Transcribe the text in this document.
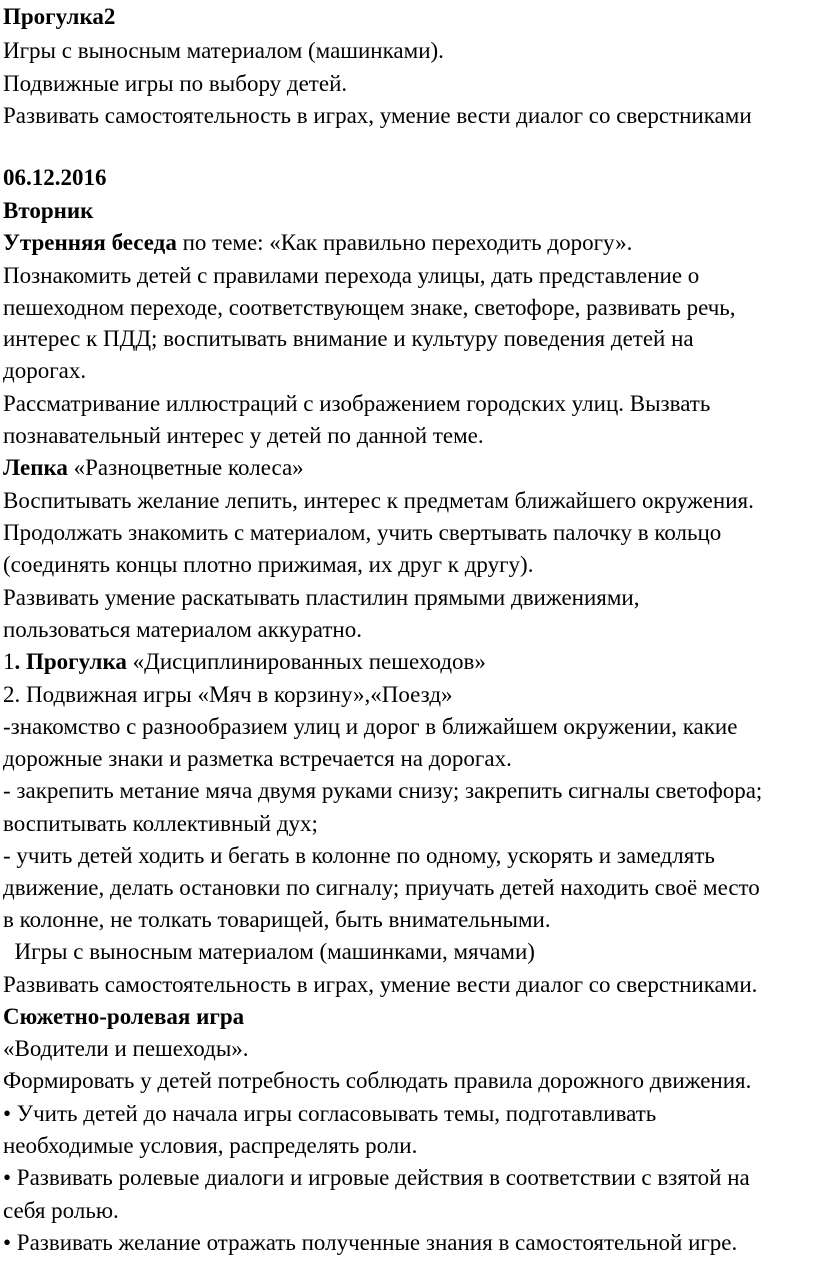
Прогулка2
Игры с выносным материалом (машинками).
Подвижные игры по выбору детей.
Развивать самостоятельность в играх, умение вести диалог со сверстниками
06.12.2016
Вторник
Утренняя беседа по теме: «Как правильно переходить дорогу».
Познакомить детей с правилами перехода улицы, дать представление о
пешеходном переходе, соответствующем знаке, светофоре, развивать речь,
интерес к ПДД; воспитывать внимание и культуру поведения детей на
дорогах.
Рассматривание иллюстраций с изображением городских улиц. Вызвать
познавательный интерес у детей по данной теме.
Лепка «Разноцветные колеса»
Воспитывать желание лепить, интерес к предметам ближайшего окружения.
Продолжать знакомить с материалом, учить свертывать палочку в кольцо
(соединять концы плотно прижимая, их друг к другу).
Развивать умение раскатывать пластилин прямыми движениями,
пользоваться материалом аккуратно.
1. Прогулка «Дисциплинированных пешеходов»
2. Подвижная игры «Мяч в корзину»,«Поезд»
-знакомство с разнообразием улиц и дорог в ближайшем окружении, какие
дорожные знаки и разметка встречается на дорогах.
- закрепить метание мяча двумя руками снизу; закрепить сигналы светофора;
воспитывать коллективный дух;
- учить детей ходить и бегать в колонне по одному, ускорять и замедлять
движение, делать остановки по сигналу; приучать детей находить своё место
в колонне, не толкать товарищей, быть внимательными.
Игры с выносным материалом (машинками, мячами)
Развивать самостоятельность в играх, умение вести диалог со сверстниками.
Сюжетно-ролевая игра
«Водители и пешеходы».
Формировать у детей потребность соблюдать правила дорожного движения.
• Учить детей до начала игры согласовывать темы, подготавливать
необходимые условия, распределять роли.
• Развивать ролевые диалоги и игровые действия в соответствии с взятой на
себя ролью.
• Развивать желание отражать полученные знания в самостоятельной игре.
